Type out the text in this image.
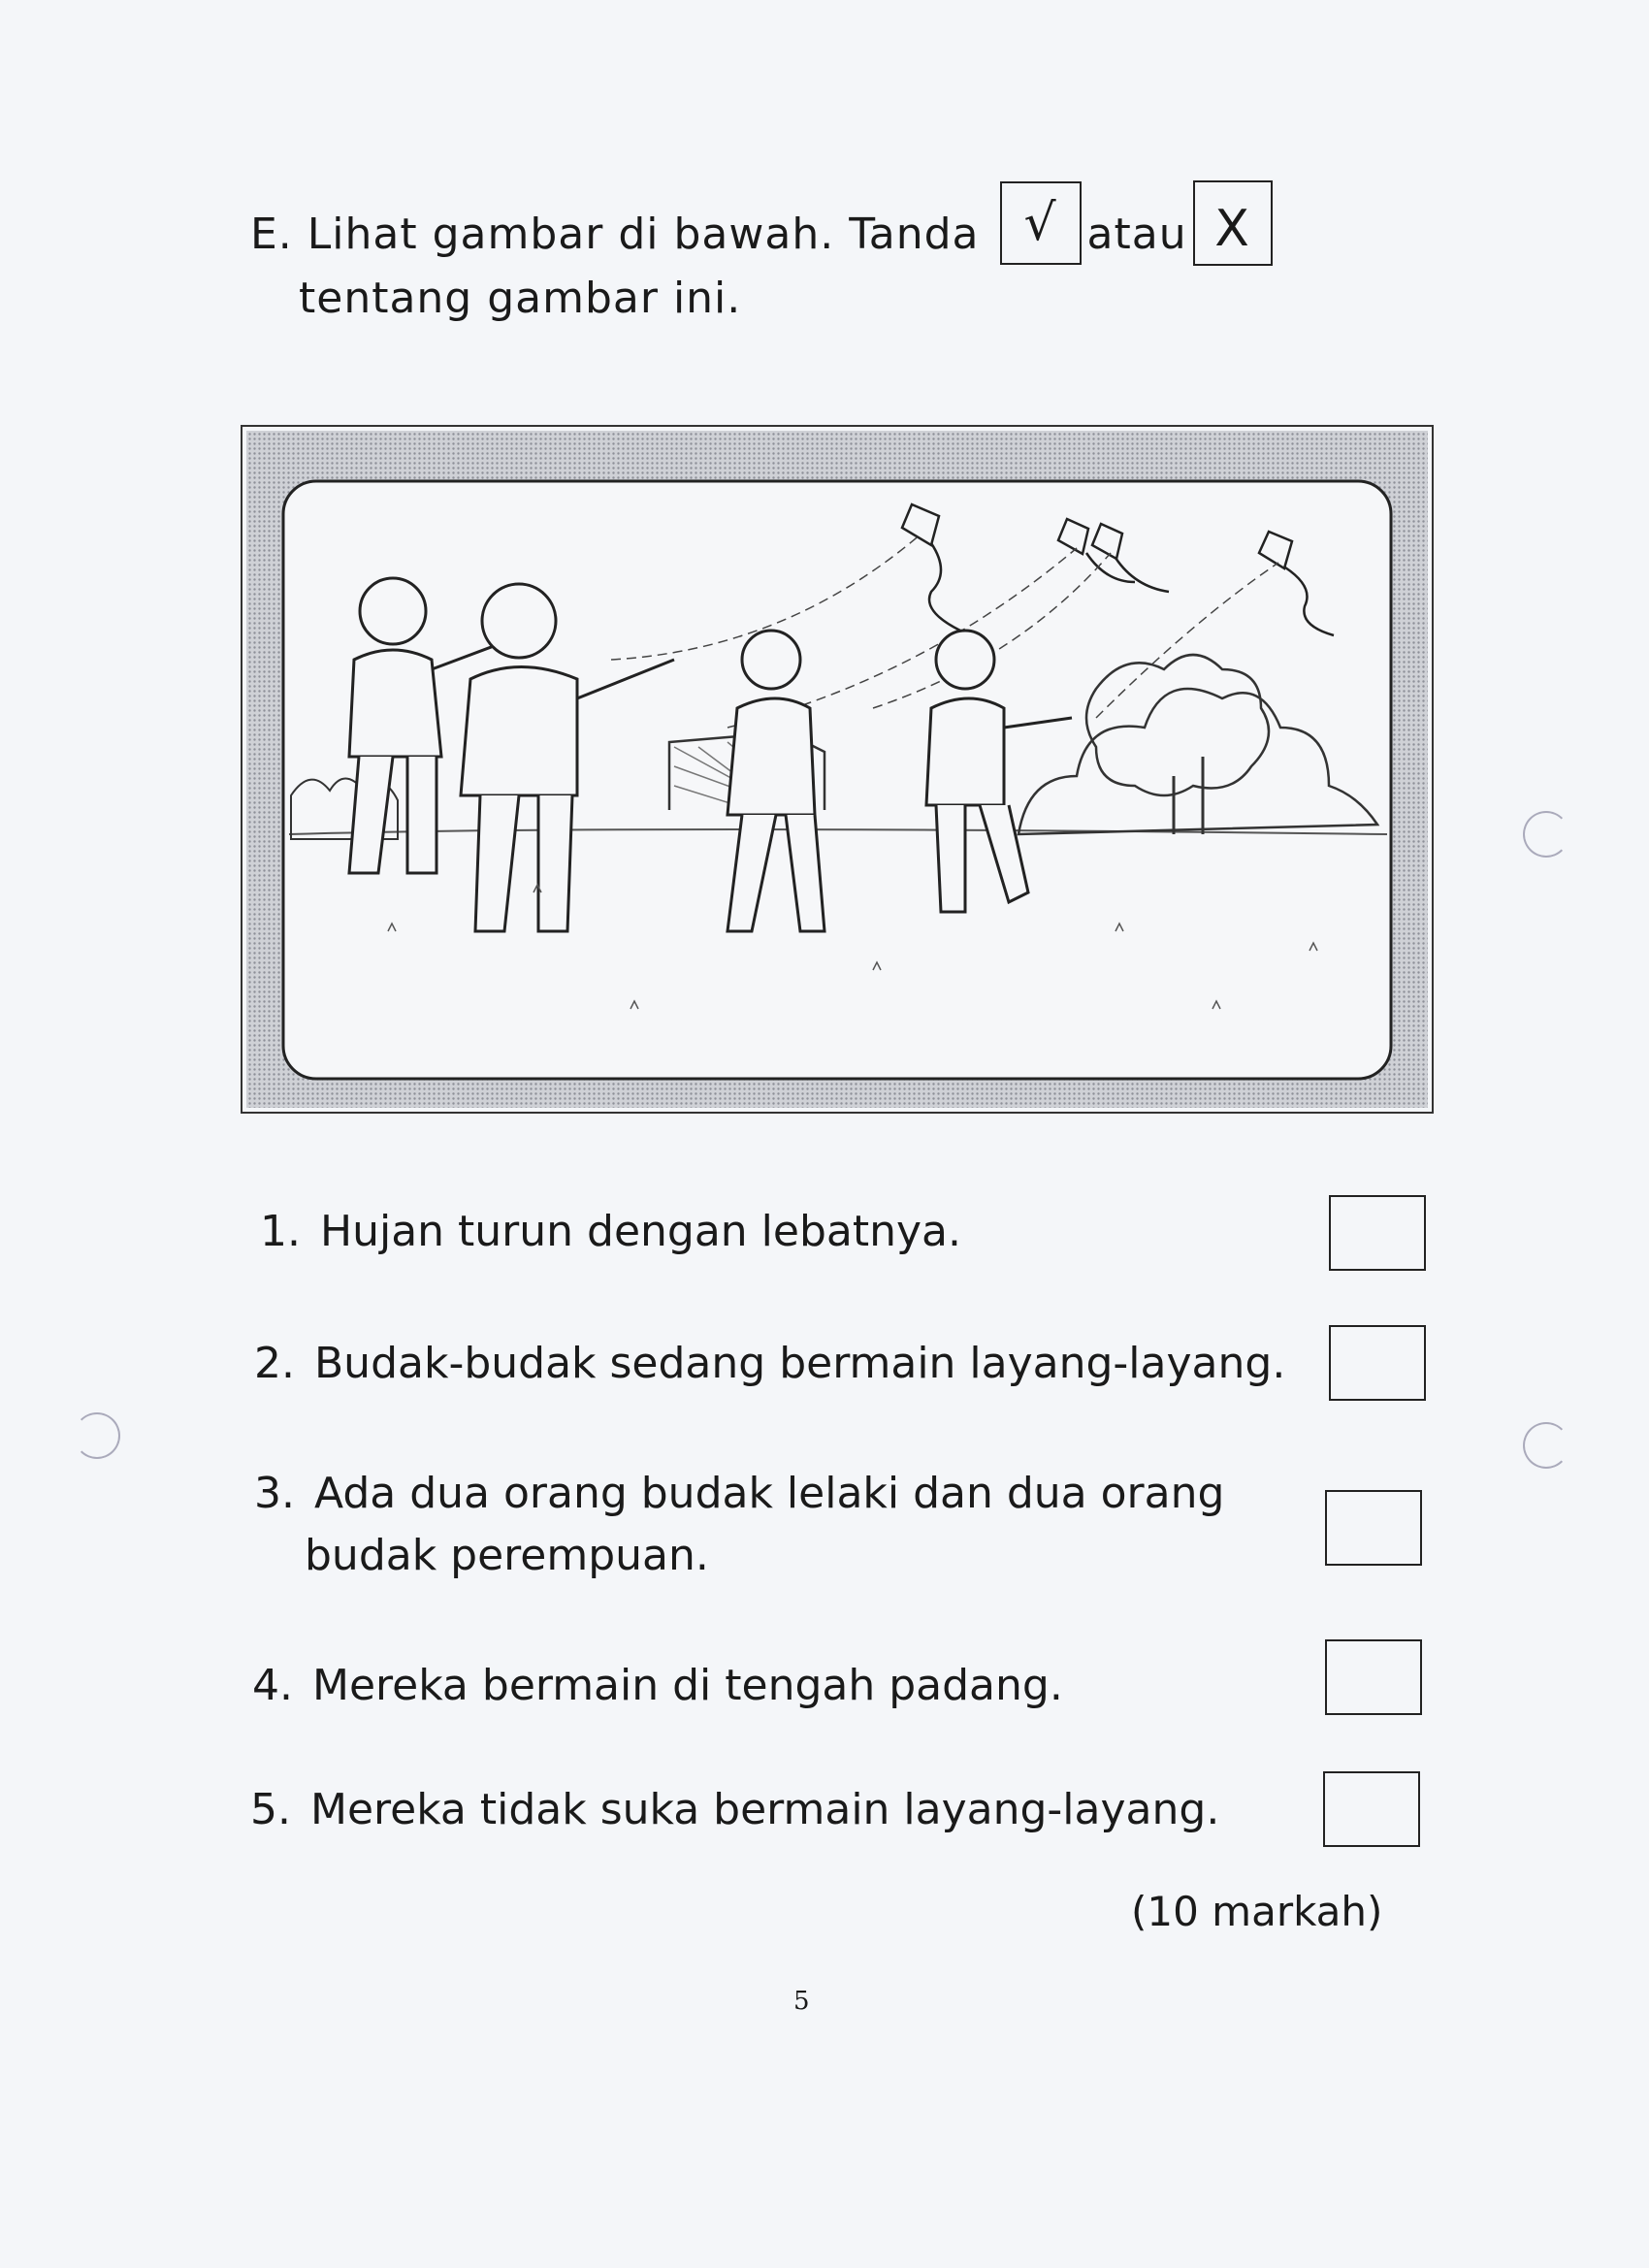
E. Lihat gambar di bawah. Tanda √ atau X
tentang gambar ini.
1. Hujan turun dengan lebatnya.
2. Budak-budak sedang bermain layang-layang.
3. Ada dua orang budak lelaki dan dua orang
budak perempuan.
4. Mereka bermain di tengah padang.
5. Mereka tidak suka bermain layang-layang.
(10 markah)
5
